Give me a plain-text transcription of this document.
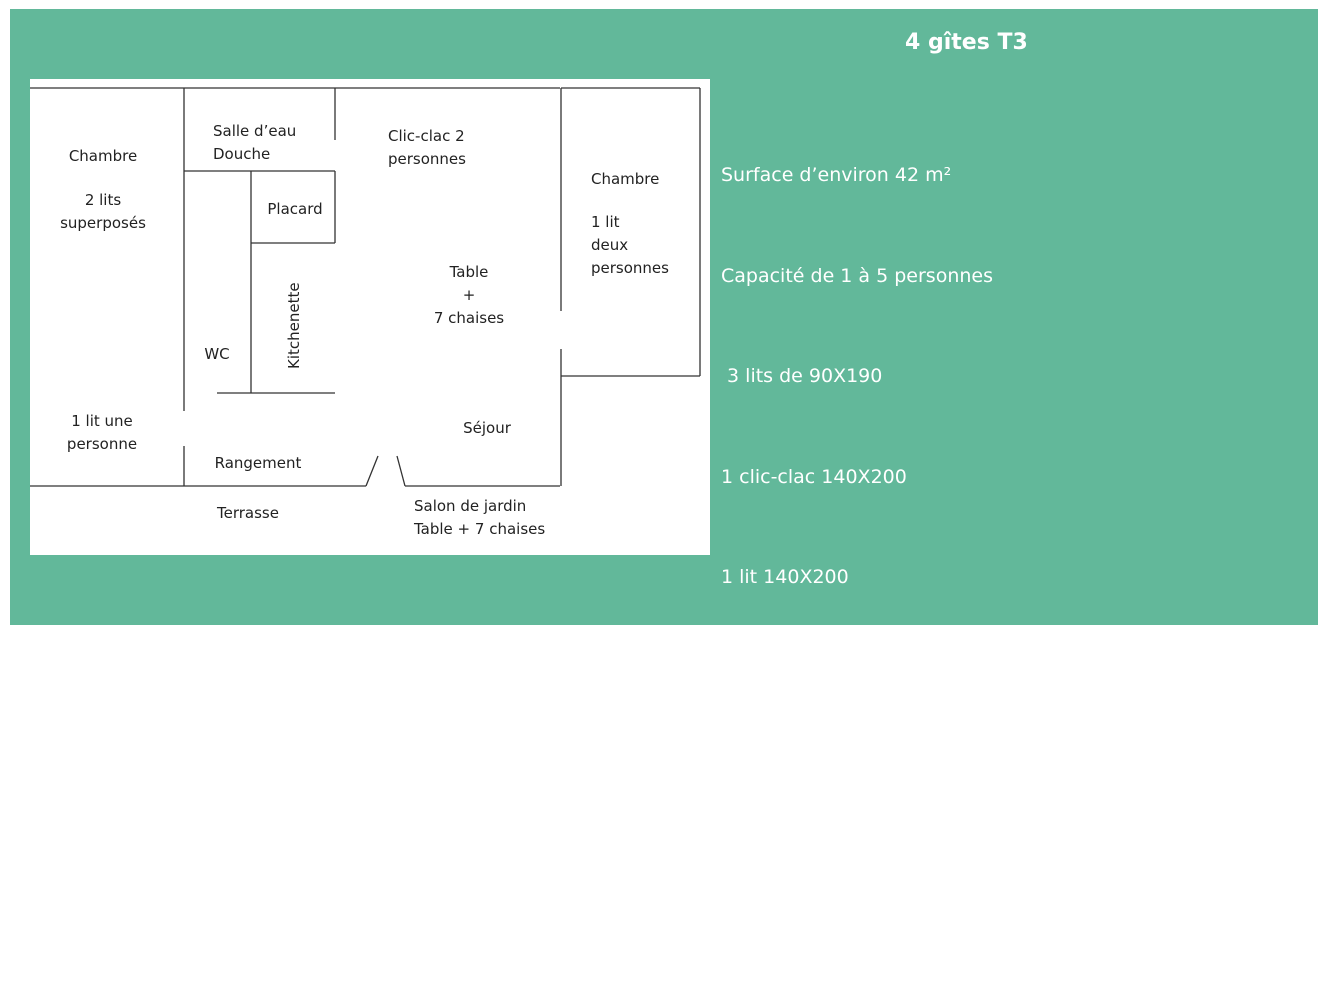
4 gîtes T3
Chambre
2 lits
superposés
Salle d’eau
Douche
Placard
Kitchenette
WC
Clic-clac 2
personnes
Table
+
7 chaises
Chambre
1 lit
deux
personnes
1 lit une
personne
Séjour
Rangement
Terrasse	Salon de jardin
Table + 7 chaises

Surface d’environ 42 m²

Capacité de 1 à 5 personnes

3 lits de 90X190

1 clic-clac 140X200

1 lit 140X200

Les gîtes sont équipés de :
• Cafetière, réfrigérateur avec congélateur
• Plaque électrique, micro onde, vaisselle minimum fournie,
• Parasol, salon de jardin (en fonction de la saison)
• Matériel pour entretien, séchoir, radiateurs électriques
• Oreillers, alèses, couvertures
(supplément parure de draps 6 € par lit)
